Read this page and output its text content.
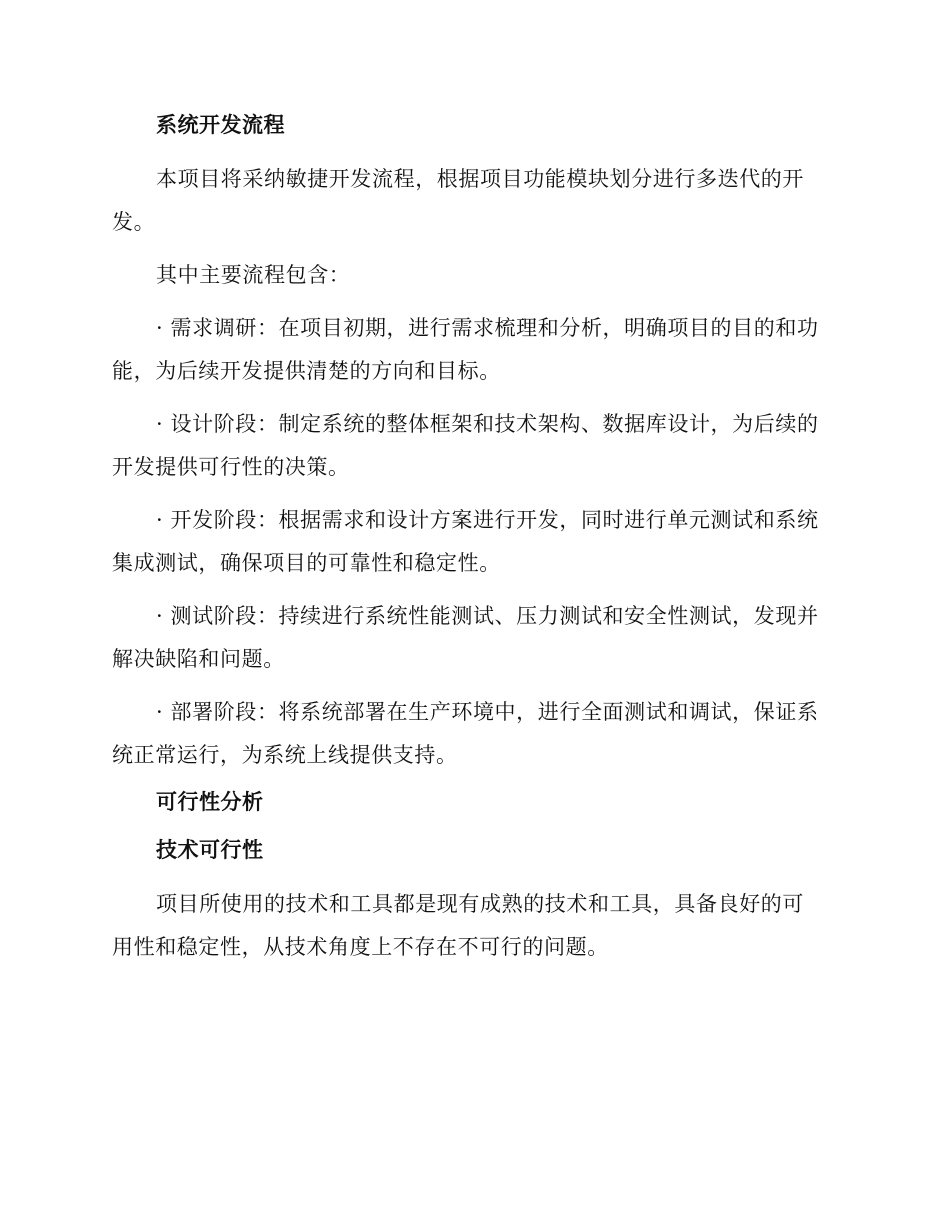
系统开发流程
本项目将采纳敏捷开发流程，根据项目功能模块划分进行多迭代的开发。
其中主要流程包含：
· 需求调研：在项目初期，进行需求梳理和分析，明确项目的目的和功能，为后续开发提供清楚的方向和目标。
· 设计阶段：制定系统的整体框架和技术架构、数据库设计，为后续的开发提供可行性的决策。
· 开发阶段：根据需求和设计方案进行开发，同时进行单元测试和系统集成测试，确保项目的可靠性和稳定性。
· 测试阶段：持续进行系统性能测试、压力测试和安全性测试，发现并解决缺陷和问题。
· 部署阶段：将系统部署在生产环境中，进行全面测试和调试，保证系统正常运行，为系统上线提供支持。
可行性分析
技术可行性
项目所使用的技术和工具都是现有成熟的技术和工具，具备良好的可用性和稳定性，从技术角度上不存在不可行的问题。
